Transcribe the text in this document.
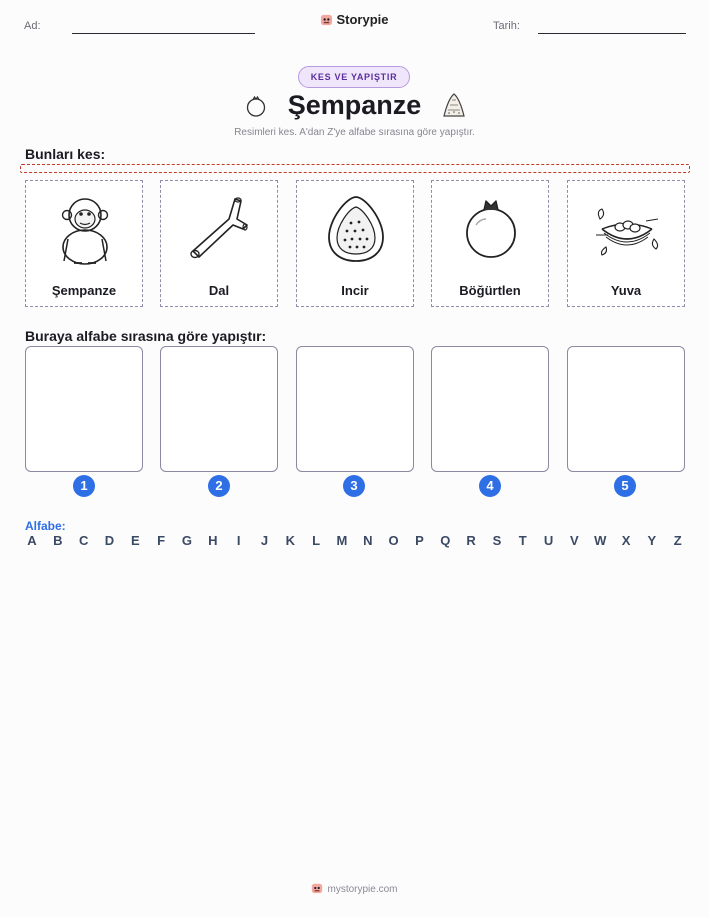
Ad:	Storypie	Tarih:
KES VE YAPIŞTIR
Şempanze
Resimleri kes. A'dan Z'ye alfabe sırasına göre yapıştır.
Bunları kes:
Şempanze	Dal	Incir	Böğürtlen	Yuva
Buraya alfabe sırasına göre yapıştır:
1	2	3	4	5
Alfabe:
A B C D E F G H	I	J K L M N O P Q R S T U V W X Y Z
mystorypie.com
